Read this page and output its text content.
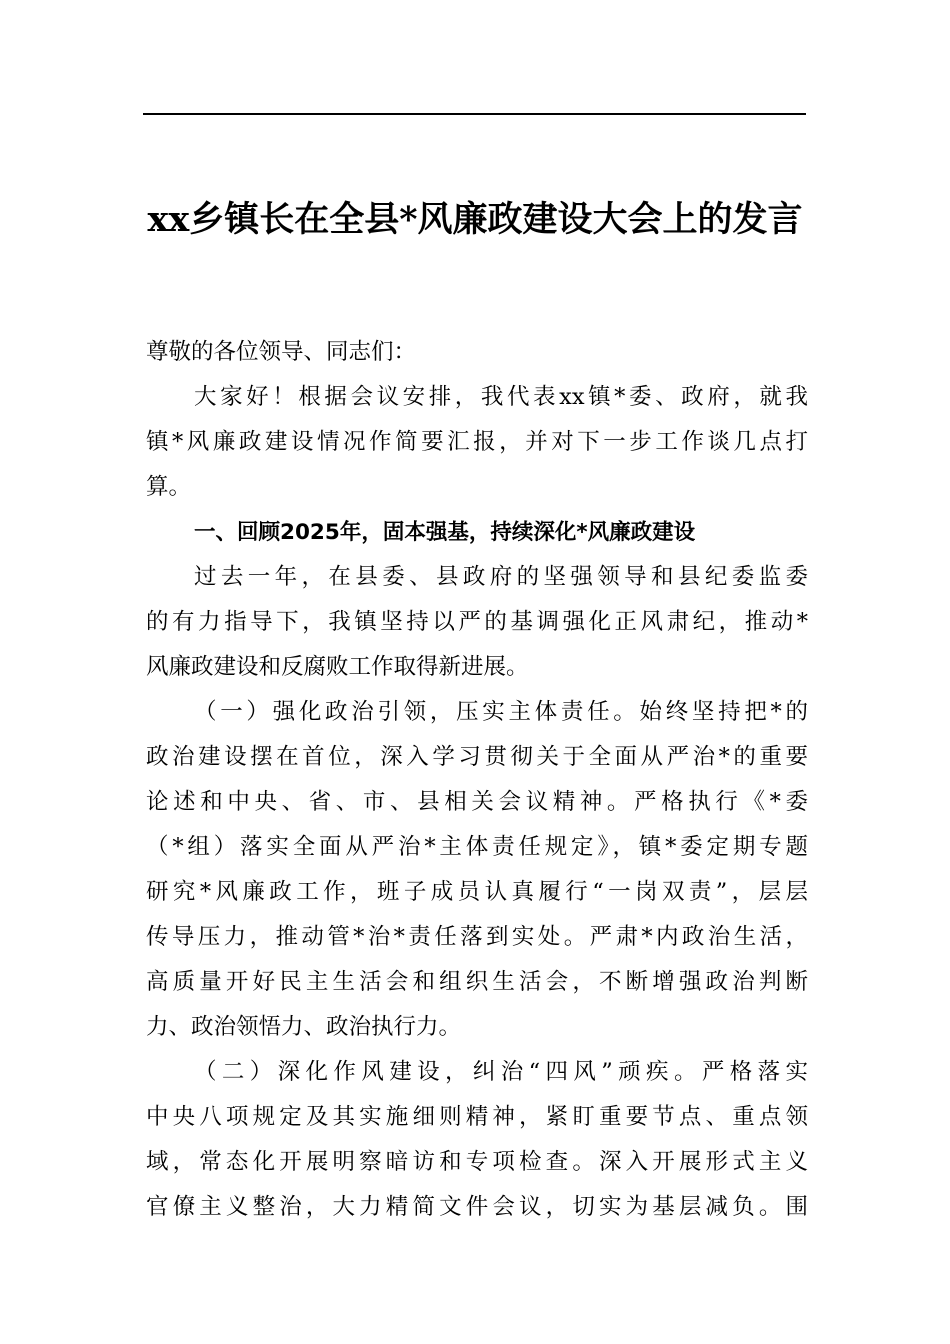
xx乡镇长在全县*风廉政建设大会上的发言
尊敬的各位领导、同志们：
大家好！根据会议安排，我代表xx镇*委、政府，就我
镇*风廉政建设情况作简要汇报，并对下一步工作谈几点打
算。
一、回顾2025年，固本强基，持续深化*风廉政建设
过去一年，在县委、县政府的坚强领导和县纪委监委
的有力指导下，我镇坚持以严的基调强化正风肃纪，推动*
风廉政建设和反腐败工作取得新进展。
（一）强化政治引领，压实主体责任。始终坚持把*的
政治建设摆在首位，深入学习贯彻关于全面从严治*的重要
论述和中央、省、市、县相关会议精神。严格执行《*委
（*组）落实全面从严治*主体责任规定》，镇*委定期专题
研究*风廉政工作，班子成员认真履行“一岗双责”，层层
传导压力，推动管*治*责任落到实处。严肃*内政治生活，
高质量开好民主生活会和组织生活会，不断增强政治判断
力、政治领悟力、政治执行力。
（二）深化作风建设，纠治“四风”顽疾。严格落实
中央八项规定及其实施细则精神，紧盯重要节点、重点领
域，常态化开展明察暗访和专项检查。深入开展形式主义
官僚主义整治，大力精简文件会议，切实为基层减负。围
